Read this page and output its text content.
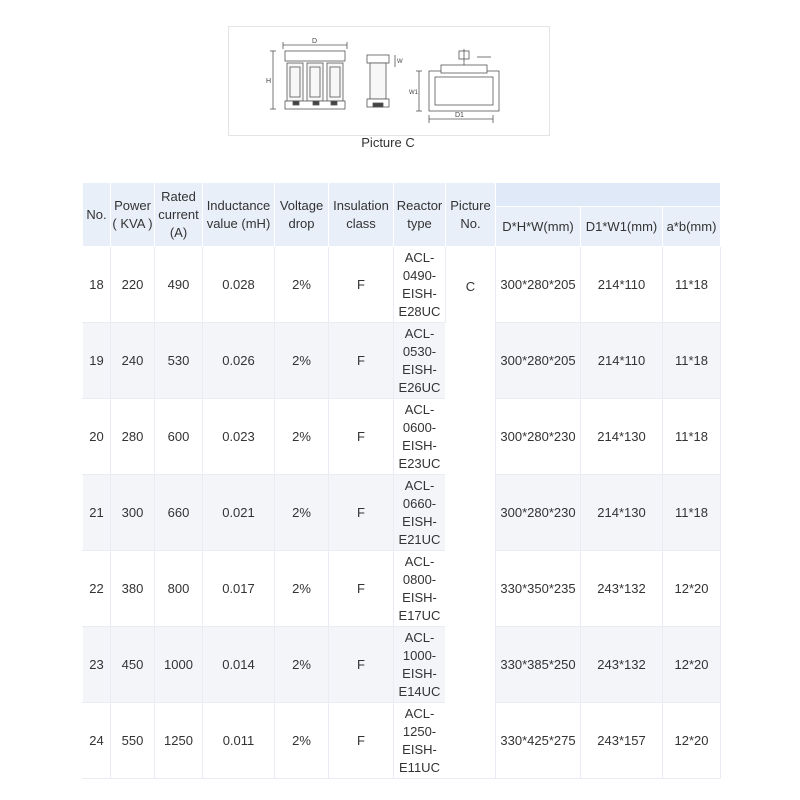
D
H
W
W1
D1
Picture C
No.	Power ( KVA )	Rated current (A)	Inductance value (mH)	Voltage drop	Insulation class	Reactor type	Picture No.			
								D*H*W(mm)	D1*W1(mm)	a*b(mm)
18	220	490	0.028	2%	F	ACL-0490-EISH-E28UC	C	300*280*205	214*110	11*18
19	240	530	0.026	2%	F	ACL-0530-EISH-E26UC		300*280*205	214*110	11*18
20	280	600	0.023	2%	F	ACL-0600-EISH-E23UC		300*280*230	214*130	11*18
21	300	660	0.021	2%	F	ACL-0660-EISH-E21UC		300*280*230	214*130	11*18
22	380	800	0.017	2%	F	ACL-0800-EISH-E17UC		330*350*235	243*132	12*20
23	450	1000	0.014	2%	F	ACL-1000-EISH-E14UC		330*385*250	243*132	12*20
24	550	1250	0.011	2%	F	ACL-1250-EISH-E11UC		330*425*275	243*157	12*20
